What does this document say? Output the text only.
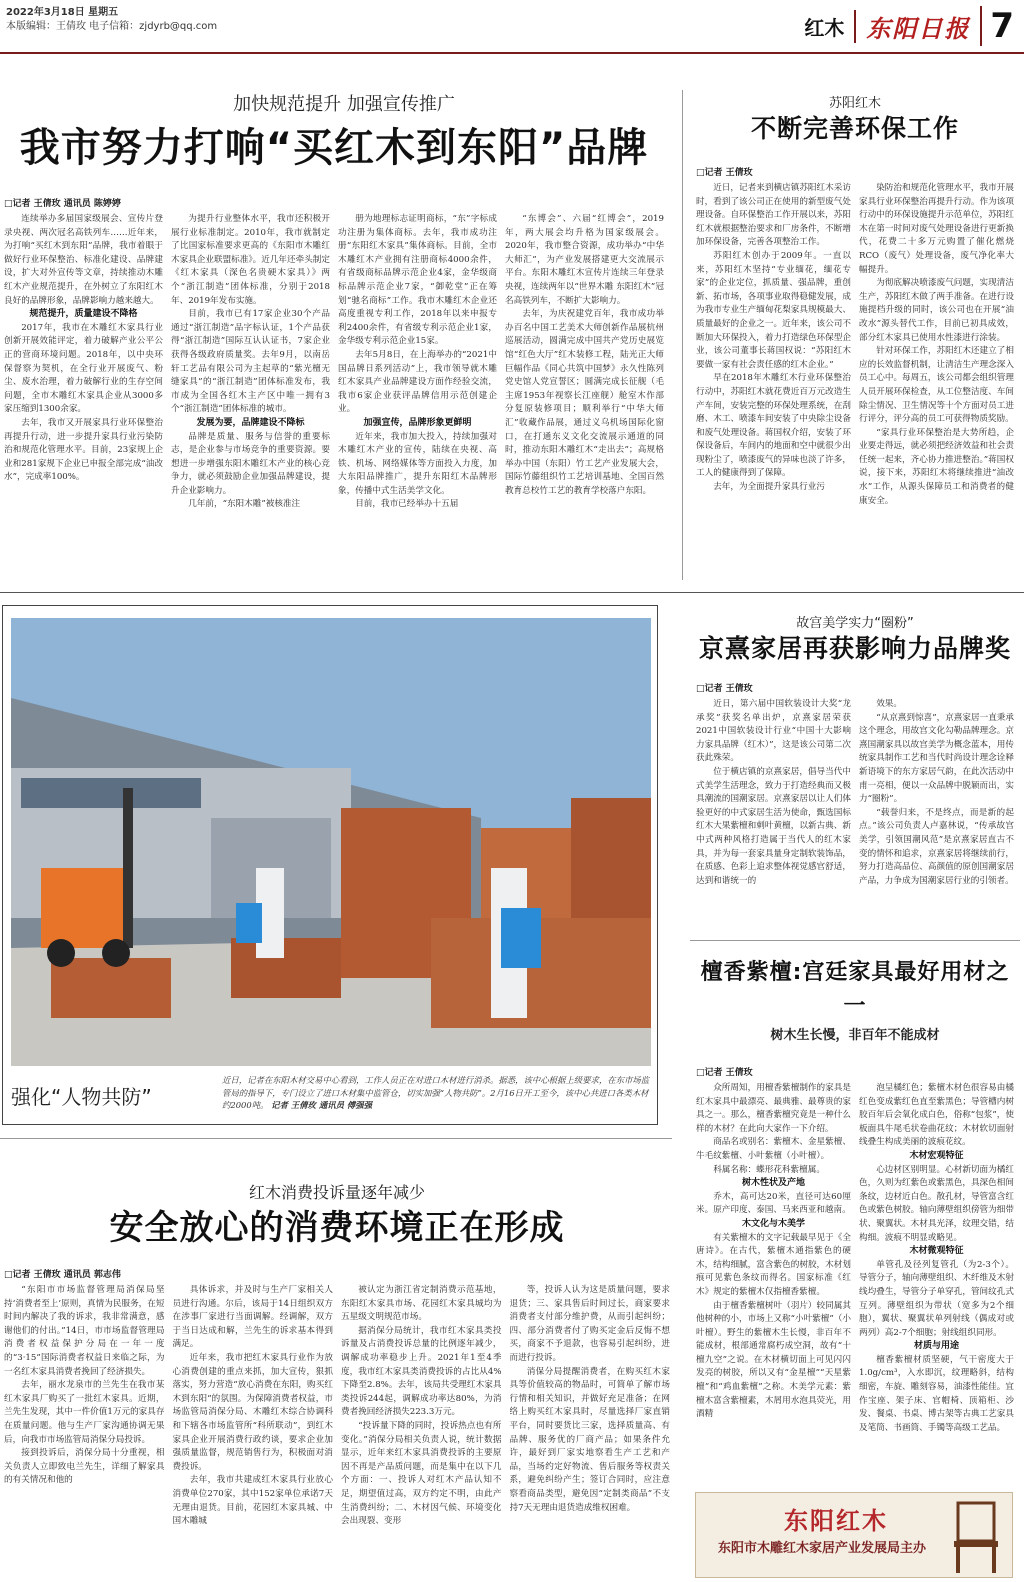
2022年3月18日 星期五
本版编辑：王倩玫 电子信箱：zjdyrb@qq.com	红木 东阳日报 7
加快规范提升 加强宣传推广
我市努力打响“买红木到东阳”品牌
□记者 王倩玫 通讯员 陈婷婷

连续举办多届国家级展会、宣传片登录央视、两次冠名高铁列车……近年来，为打响“买红木到东阳”品牌，我市着眼于做好行业环保整治、标准化建设、品牌建设，扩大对外宣传等文章，持续推动木雕红木产业规范提升，在外树立了东阳红木良好的品牌形象，品牌影响力越来越大。

规范提升，质量建设不降格

2017年，我市在木雕红木家具行业创新开展效能评定，着力破解产业公平公正的营商环境问题。2018年，以中央环保督察为契机，在全行业开展废气、粉尘、废水治理，着力破解行业的生存空间问题，全市木雕红木家具企业从3000多家压缩到1300余家。

去年，我市又开展家具行业环保整治再提升行动，进一步提升家具行业污染防治和规范化管理水平。目前，23家规上企业和281家规下企业已申报全部完成“油改水”，完成率100%。

为提升行业整体水平，我市还积极开展行业标准制定。2010年，我市就制定了比国家标准要求更高的《东阳市木雕红木家具企业联盟标准》。近几年还牵头制定《红木家具（深色名贵硬木家具）》两个“浙江制造”团体标准，分别于2018年、2019年发布实施。

目前，我市已有17家企业30个产品通过“浙江制造”品字标认证，1个产品获得“浙江制造”国际互认认证书，7家企业获得各级政府质量奖。去年9月，以南岳轩工艺品有限公司为主起草的“紫光檀无缝家具”的“浙江制造”团体标准发布，我市成为全国各红木主产区中唯一拥有3个“浙江制造”团体标准的城市。

发展为要，品牌建设不降标

品牌是质量、服务与信誉的重要标志，是企业参与市场竞争的重要资源。要想进一步增强东阳木雕红木产业的核心竞争力，就必须鼓励企业加强品牌建设，提升企业影响力。

几年前，“东阳木雕”被核准注

册为地理标志证明商标，“东”字标成功注册为集体商标。去年，我市成功注册“东阳红木家具”集体商标。目前，全市木雕红木产业拥有注册商标4000余件，有省级商标品牌示范企业4家，金华级商标品牌示范企业7家，“御乾堂”正在筹划“驰名商标”工作。我市木雕红木企业还高度重视专利工作，2018年以来申报专利2400余件，有省级专利示范企业1家，金华级专利示范企业15家。

去年5月8日，在上海举办的“2021中国品牌日系列活动”上，我市领导就木雕红木家具产业品牌建设方面作经验交流，我市6家企业获评品牌信用示范创建企业。

加强宣传，品牌形象更鲜明

近年来，我市加大投入，持续加强对木雕红木产业的宣传，陆续在央视、高铁、机场、网络媒体等方面投入力度，加大东阳品牌推广，提升东阳红木品牌形象，传播中式生活美学文化。

目前，我市已经举办十五届

“东博会”、六届“红博会”，2019年，两大展会均升格为国家级展会。2020年，我市整合资源，成功举办“中华大师汇”，为产业发展搭建更大交流展示平台。东阳木雕红木宣传片连续三年登录央视，连续两年以“世界木雕 东阳红木”冠名高铁列车，不断扩大影响力。

去年，为庆祝建党百年，我市成功举办百名中国工艺美术大师创新作品展杭州巡展活动，圆满完成中国共产党历史展览馆“红色大厅”红木装修工程，陆光正大师巨幅作品《同心共筑中国梦》永久性陈列党史馆人党宣誓区；圆满完成长征舰（毛主席1953年视察长江座舰）舱室木作部分复原装修项目；顺利举行“中华大师汇”收藏作品展，通过义乌机场国际化窗口，在打通东义文化交流展示通道的同时，推动东阳木雕红木“走出去”；高规格举办中国（东阳）竹工艺产业发展大会，国际竹藤组织竹工艺培训基地、全国百然教育总校竹工艺的教育学校落户东阳。

苏阳红木
不断完善环保工作
□记者 王倩玫

近日，记者来到横店镇苏阳红木采访时，看到了该公司正在使用的新型废气处理设备。自环保整治工作开展以来，苏阳红木就根据整治要求和厂房条件，不断增加环保设备，完善各项整治工作。

苏阳红木创办于2009年。一直以来，苏阳红木坚持“专业缅花，缅花专家”的企业定位，抓质量、强品牌，重创新、拓市场，各项事业取得稳健发展，成为我市专业生产缅甸花梨家具规模最大、质量最好的企业之一。近年来，该公司不断加大环保投入，着力打造绿色环保型企业，该公司董事长蒋国权说：“苏阳红木要做一家有社会责任感的红木企业。”

早在2018年木雕红木行业环保整治行动中，苏阳红木就花费近百万元改造生产车间，安装完整的环保处理系统，在刮磨、木工、喷漆车间安装了中央除尘设备和废气处理设备。蒋国权介绍，安装了环保设备后，车间内的地面和空中就很少出现粉尘了，喷漆废气的异味也淡了许多，工人的健康得到了保障。

去年，为全面提升家具行业污

染防治和规范化管理水平，我市开展家具行业环保整治再提升行动。作为该项行动中的环保设施提升示范单位，苏阳红木在第一时间对废气处理设备进行更新换代，花费二十多万元购置了催化燃烧RCO（废气）处理设备，废气净化率大幅提升。

为彻底解决喷漆废气问题，实现清洁生产，苏阳红木做了两手准备。在进行设施提档升级的同时，该公司也在开展“油改水”源头替代工作，目前已初具成效，部分红木家具已使用水性漆进行涂装。

针对环保工作，苏阳红木还建立了相应的长效监督机制，让清洁生产理念深入员工心中。每周五，该公司都会组织管理人员开展环保检查，从工位整洁度、车间除尘情况、卫生情况等十个方面对员工进行评分，评分高的员工可获得物质奖励。

“家具行业环保整治是大势所趋，企业要走得远，就必须把经济效益和社会责任统一起来，齐心协力推进整治。”蒋国权说，接下来，苏阳红木将继续推进“油改水”工作，从源头保障员工和消费者的健康安全。

强化“人物共防”
近日，记者在东阳木材交易中心看到，工作人员正在对进口木材进行消杀。据悉，该中心根据上级要求，在东市场监管局的指导下，专门设立了进口木材集中监管仓，切实加强“人物共防”。2月16日开工至今，该中心共进口各类木材约2000吨。 记者 王倩玫 通讯员 傅强强
故宫美学实力“圈粉”
京熹家居再获影响力品牌奖
□记者 王倩玫

近日，第六届中国软装设计大奖“龙承奖”获奖名单出炉，京熹家居荣获2021中国软装设计行业“中国十大影响力家具品牌（红木）”，这是该公司第二次获此殊荣。

位于横店镇的京熹家居，倡导当代中式美学生活理念，致力于打造经典而又极具潮流的国潮家居。京熹家居以让人们体验更好的中式家居生活为使命，甄选国标红木大果紫檀和刺叶黄檀，以新古典、新中式两种风格打造属于当代人的红木家具，并为每一套家具量身定制软装饰品，在质感、色彩上追求整体视觉感官舒适，达到和谐统一的

效果。

“从京熹到惊喜”，京熹家居一直秉承这个理念，用故宫文化勾勒品牌理念。京熹国潮家具以故宫美学为概念蓝本，用传统家具制作工艺和当代时尚设计理念诠释新语境下的东方家居气韵，在此次活动中甫一亮相，便以一众品牌中脱颖而出，实力“圈粉”。

“载誉归来，不是终点，而是新的起点。”该公司负责人卢嘉林说，“传承故宫美学，引领国潮风范”是京熹家居直古不变的情怀和追求，京熹家居将继续前行，努力打造高品位、高颜值的原创国潮家居产品，力争成为国潮家居行业的引领者。

檀香紫檀:宫廷家具最好用材之一
树木生长慢，非百年不能成材
□记者 王倩玫

众所周知，用檀香紫檀制作的家具是红木家具中最漂亮、最典雅、最尊贵的家具之一。那么，檀香紫檀究竟是一种什么样的木材？在此向大家作一下介绍。

商品名或别名：紫檀木、金星紫檀、牛毛纹紫檀、小叶紫檀（小叶檀）。

科属名称：蝶形花科紫檀属。

树木性状及产地

乔木，高可达20米，直径可达60厘米。原产印度、泰国、马来西亚和越南。

木文化与木美学

有关紫檀木的文字记载最早见于《全唐诗》。在古代，紫檀木通指紫色的硬木，结构细腻，富含紫色的树胶，木材划痕可见紫色条纹而得名。国家标准《红木》规定的紫檀木仅指檀香紫檀。

由于檀香紫檀树叶（羽片）较同属其他树种的小，市场上又称“小叶紫檀”（小叶檀）。野生的紫檀木生长慢，非百年不能成材，根部通常腐朽成空洞，故有“十檀九空”之说。在木材横切面上可见闪闪发亮的树胶，所以又有“金星檀”“天星紫檀”和“鸡血紫檀”之称。木美学元素：紫檀木富含紫檀素，木屑用水泡具荧光，用酒精

泡呈橘红色；紫檀木材色很容易由橘红色变成紫红色直至紫黑色；导管槽内树胶百年后会氧化成白色，俗称“包浆”，使板面具牛尾毛状卷曲花纹；木材软切面射线叠生构成美丽的波痕花纹。

木材宏观特征

心边材区别明显。心材新切面为橘红色，久则为红紫色或紫黑色，具深色相间条纹，边材近白色。散孔材，导管富含红色或紫色树胶。轴向薄壁组织傍管为细带状、聚翼状。木材具光泽，纹理交错，结构细。波痕不明显或略见。

木材微观特征

单管孔及径列复管孔（为2-3个）。导管分子，轴向薄壁组织、木纤维及木射线均叠生，导管分子单穿孔，管间纹孔式互列。薄壁组织为带状（宽多为2个细胞），翼状、聚翼状单列射线（偶成对或两列）高2-7个细胞；射线组织同形。

材质与用途

檀香紫檀材质坚硬，气干密度大于1.0g/cm³，入水即沉，纹理略斜，结构细密，车旋、雕刻容易，油漆性能佳。宜作宝座、架子床、官帽椅、顶箱柜、沙发、餐桌、书桌、博古架等古典工艺家具及笔筒、书画筒、手镯等高级工艺品。

红木消费投诉量逐年减少
安全放心的消费环境正在形成
□记者 王倩玫 通讯员 郭志伟

“东阳市市场监督管理局消保局坚持‘消费者至上’原则，真情为民服务，在短时间内解决了我的诉求，我非常满意，感谢他们的付出。”14日，市市场监督管理局消费者权益保护分局在一年一度的“3·15”国际消费者权益日来临之际，为一名红木家具消费者挽回了经济损失。

去年，丽水龙泉市的兰先生在我市某红木家具厂购买了一批红木家具。近期，兰先生发现，其中一件价值1万元的家具存在质量问题。他与生产厂家沟通协调无果后，向我市市场监管局消保分局投诉。

接到投诉后，消保分局十分重视，相关负责人立即致电兰先生，详细了解家具的有关情况和他的

具体诉求，并及时与生产厂家相关人员进行沟通。尔后，该局于14日组织双方在涉事厂家进行当面调解。经调解，双方于当日达成和解，兰先生的诉求基本得到满足。

近年来，我市把红木家具行业作为放心消费创建的重点来抓，加大宣传，狠抓落实，努力营造“放心消费在东阳，购买红木到东阳”的氛围。为保障消费者权益，市场监管局消保分局、木雕红木综合协调科和下辖各市场监管所“科所联动”，到红木家具企业开展消费行政约谈，要求企业加强质量监督，规范销售行为，积极面对消费投诉。

去年，我市共建成红木家具行业放心消费单位270家，其中152家单位承诺7天无理由退货。目前，花园红木家具城、中国木雕城

被认定为浙江省定制消费示范基地，东阳红木家具市场、花园红木家具城均为五星级文明规范市场。

据消保分局统计，我市红木家具类投诉量及占消费投诉总量的比例逐年减少，调解成功率稳步上升。2021年1至4季度，我市红木家具类消费投诉的占比从4%下降至2.8%。去年，该局共受理红木家具类投诉244起，调解成功率达80%，为消费者挽回经济损失223.3万元。

“投诉量下降的同时，投诉热点也有所变化。”消保分局相关负责人说，统计数据显示，近年来红木家具消费投诉的主要原因不再是产品质问题，而是集中在以下几个方面：一、投诉人对红木产品认知不足，期望值过高，双方约定不明，由此产生消费纠纷；二、木材因气候、环境变化会出现裂、变形

等，投诉人认为这是质量问题，要求退货；三、家具售后时间过长，商家要求消费者支付部分维护费，从而引起纠纷；四、部分消费者付了购买定金后反悔不想买，商家不予退款，也容易引起纠纷，进而进行投诉。

消保分局提醒消费者，在购买红木家具等价值较高的物品时，可简单了解市场行情和相关知识，并做好充足准备；在网络上购买红木家具时，尽量选择厂家直销平台，同时要货比三家，选择质量高、有品牌、服务优的厂商产品；如果条件允许，最好到厂家实地察看生产工艺和产品，当场约定好物流、售后服务等权责关系，避免纠纷产生；签订合同时，应注意察看商品类型，避免因“定制类商品”不支持7天无理由退货造成维权困难。	东阳红木
东阳市木雕红木家居产业发展局主办
